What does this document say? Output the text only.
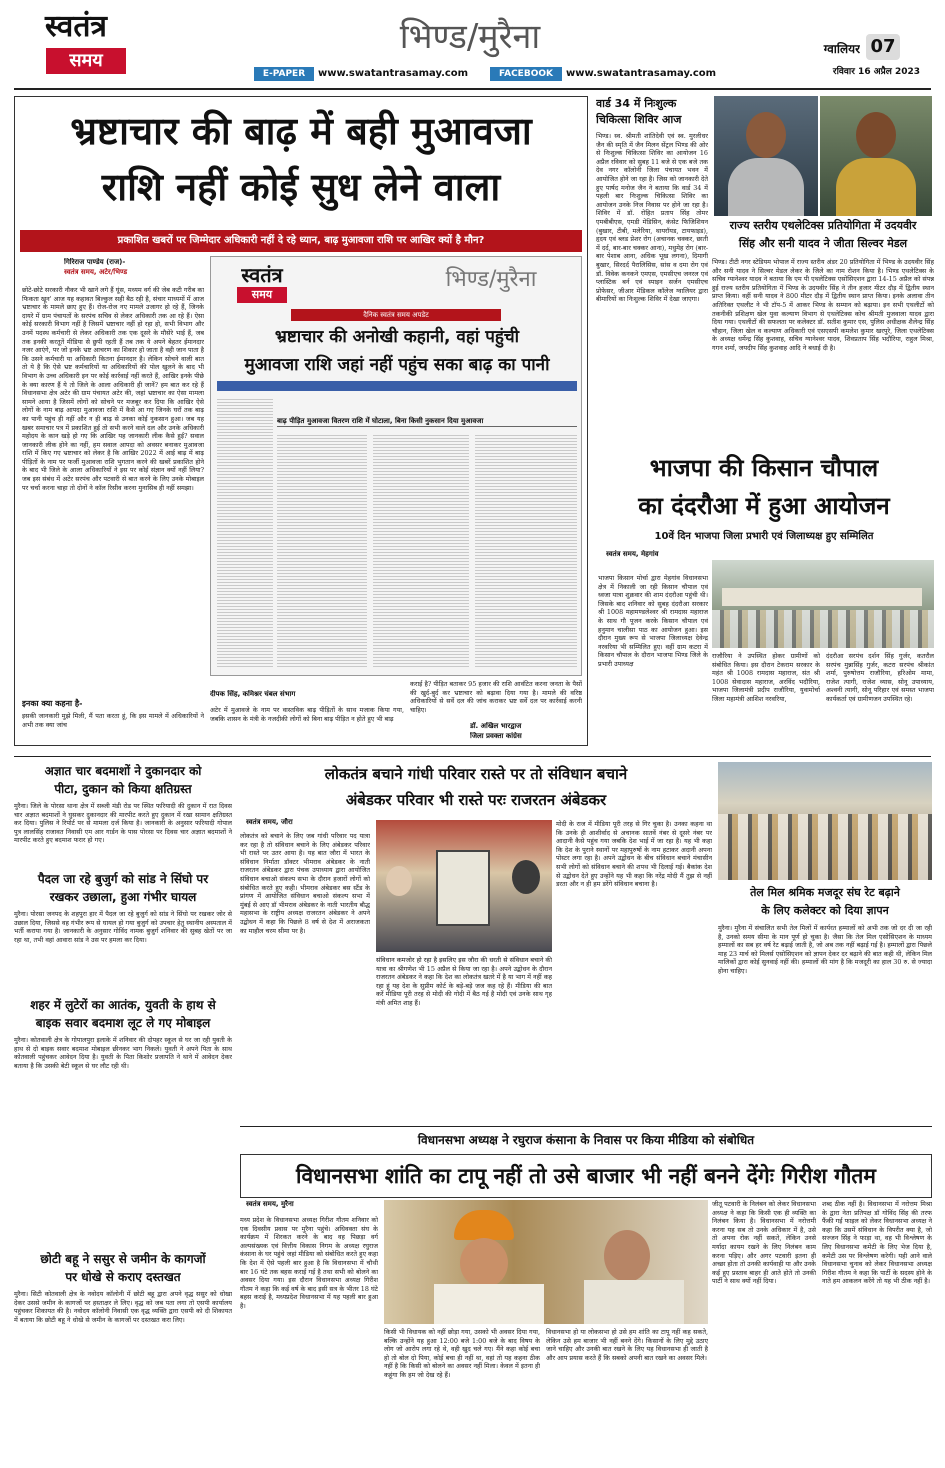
स्वतंत्र
समय
भिण्ड/मुरैना	ग्वालियर 07
रविवार 16 अप्रैल 2023
E-PAPER	www.swatantrasamay.com	FACEBOOK	www.swatantrasamay.com
भ्रष्टाचार की बाढ़ में बही मुआवजा
राशि नहीं कोई सुध लेने वाला
प्रकाशित खबरों पर जिम्मेदार अधिकारी नहीं दे रहे ध्यान, बाढ़ मुआवजा राशि पर आखिर क्यों है मौन?
गिरिराज पाण्डेय (राज)-
स्वतंत्र समय, अटेर/भिण्ड
छोटे-छोटे सरकारी नौकर भी खाने लगे हैं घूंस, मध्यम वर्ग की जेब कटी गरीब का फिकता खून' आज यह कहावत बिल्कुल सही बैठ रही है, संचार माध्यमों में आज भ्रष्टाचार के मामले छाए हुए हैं। रोज-रोज नए मामले उजागर हो रहे हैं, जिनके दायरे में ग्राम पंचायतों के सरपंच सचिव से लेकर अधिकारी तक आ रहे हैं। ऐसा कोई सरकारी विभाग नहीं है जिसमें भ्रष्टाचार नहीं हो रहा हो, सभी विभाग और उनमें पदस्थ कर्मचारी से लेकर अधिकारी तक एक दूसरे के मौसेरे भाई हैं, जब तक इनकी करतूतें मीडिया से छुपी रहती हैं तब तक ये अपने बेहतर ईमानदार नजर आएंगे, पर जो इनके भ्रष्ट आचरण का शिकार हो जाता है वही जान पाता है कि उसने कर्मचारी या अधिकारी कितना ईमानदार है। लेकिन सोचने वाली बात तो ये है कि ऐसे भ्रष्ट कर्मचारियों या अधिकारियों की पोल खुलने के बाद भी विभाग के उच्च अधिकारी इन पर कोई कार्रवाई नहीं करते हैं, आखिर इनके पीछे के क्या कारण हैं ये तो जिले के आला अधिकारी ही जानें? हम बात कर रहे हैं विधानसभा क्षेत्र अटेर की ग्राम पंचायत अटेर की, जहां भ्रष्टाचार का ऐसा मामला सामने आया है जिसमें लोगों को सोचने पर मजबूर कर दिया कि आखिर ऐसे लोगों के नाम बाढ़ आपदा मुआवजा राशि में कैसे आ गए जिनके घरों तक बाढ़ का पानी पहुंच ही नहीं और न ही बाढ़ से उनका कोई नुकसान हुआ। जब यह खबर समाचार पत्र में प्रकाशित हुई तो सभी करने वाले दल और उनके अधिकारी महोदय के कान खड़े हो गए कि आखिर यह जानकारी लीक कैसे हुई? सवाल जानकारी लीक होने का नहीं, हम सवाल आपदा को अवसर बनाकर मुआवजा राशि में किए गए भ्रष्टाचार को लेकर है कि आखिर 2022 में आई बाढ़ में बाढ़ पीड़ितों के नाम पर फर्जी मुआवजा राशि भुगतान करने की खबरें प्रकाशित होने के बाद भी जिले के आला अधिकारियों ने इस पर कोई संज्ञान क्यों नहीं लिया? जब इस संबंध में अटेर सरपंच और पटवारी से बात करने के लिए उनके मोबाइल पर चर्चा करना चाहा तो दोनों ने कॉल रिसीव करना मुनासिब ही नहीं समझा।
इनका क्या कहना है-
इसकी जानकारी मुझे मिली, मैं पता करता हूं, कि इस मामले में अधिकारियों ने अभी तक क्या जांच
स्वतंत्र
समय
भिण्ड/मुरैना
दैनिक स्वतंत्र समय अपडेट
भ्रष्टाचार की अनोखी कहानी, वहां पहुंची
मुआवजा राशि जहां नहीं पहुंच सका बाढ़ का पानी
बाढ़ पीड़ित मुआवजा वितरण राशि में घोटाला, बिना किसी नुकसान दिया मुआवजा
कराई है? पीड़ित बताकर 95 हजार की राशि आवंटित करना जनता के पैसों की खुर्द-बुर्द कर भ्रष्टाचार को बढ़ावा दिया गया है। मामले की वरिष्ठ अधिकारियों से सर्वे दल की जांच कराकर भ्रष्ट सर्वे दल पर कार्रवाई करनी चाहिए।
दीपक सिंह, कमिश्नर चंबल संभाग
अटेर में मुआवजे के नाम पर वास्तविक बाढ़ पीड़ितों के साथ मजाक किया गया, जबकि शासन के मंत्री के नजदीकी लोगों को बिना बाढ़ पीड़ित न होते हुए भी बाढ़
डॉ. अखिल भारद्वाज
जिला प्रवक्ता कांग्रेस
वार्ड 34 में निःशुल्क
चिकित्सा शिविर आज
भिण्ड। स्व. श्रीमती शांतिदेवी एवं स्व. मुरलीधर जैन की स्मृति में जैन मिलन सेंट्रल भिण्ड की ओर से निःशुल्क चिकित्सा शिविर का आयोजन 16 अप्रैल रविवार को सुबह 11 बजे से एक बजे तक देव नगर कॉलोनी जिला पंचायत भवन में आयोजित होने जा रहा है। जिस को जानकारी देते हुए पार्षद मनोज जैन ने बताया कि वार्ड 34 में पहली बार निःशुल्क चिकित्सा शिविर का आयोजन उनके निज निवास पर होने जा रहा है। शिविर में डॉ. रोहित प्रताप सिंह तोमर एमबीबीएस, एमडी मेडिसिन, कंसेट फिजिशियन (बुखार, टीबी, मलेरिया, थायरॉयड, टायफाइड), हृदय एवं ब्लड प्रेशर रोग (अचानक चक्कर, छाती में दर्द, बार-बार चक्कर आना), मधुमेह रोग (बार-बार पेशाब आना, अधिक भूख लगना), दिमागी बुखार, सिरदर्द पैरालिसिस, सांस व दमा रोग एवं डॉ. विवेक कनकने एमएस, एमसीएच जनरल एवं प्लास्टिक बर्न एवं स्पाइन सर्जन एमसीएच प्रोफेसर, जीआर मेडिकल कॉलेज ग्वालियर द्वारा बीमारियों का निःशुल्क शिविर में देखा जाएगा।
राज्य स्तरीय एथलेटिक्स प्रतियोगिता में उदयवीर
सिंह और सनी यादव ने जीता सिल्वर मेडल
भिण्ड। टीटी नगर स्टेडियम भोपाल में राज्य स्तरीय अंडर 20 प्रतियोगिता में भिण्ड के उदयवीर सिंह और सनी यादव ने सिल्वर मेडल लेकर के जिले का नाम रोशन किया है। भिण्ड एथलेटिक्स के सचिव ग्यानेश्वर यादव ने बताया कि एम पी एथलेटिक्स एसोसिएशन द्वारा 14-15 अप्रैल को संपन्न हुई राज्य स्तरीय प्रतियोगिता में भिण्ड के उदयवीर सिंह ने तीन हजार मीटर दौड़ में द्वितीय स्थान प्राप्त किया। वहीं सनी यादव ने 800 मीटर दौड़ में द्वितीय स्थान प्राप्त किया। इनके अलावा तीन अतिरिक्त एथलीट ने भी टॉप-5 में आकर भिण्ड के सम्मान को बढ़ाया। इन सभी एथलीटों को तकनीकी प्रशिक्षण खेल युवा कल्याण विभाग से एथलेटिक्स कोच श्रीमती मुजवाला यादव द्वारा दिया गया। एथलीटों की सफलता पर कलेक्टर डॉ. सतीश कुमार एस, पुलिस अधीक्षक शैलेन्द्र सिंह चौहान, जिला खेल व कल्याण अधिकारी एवं एसएसपी कमलेश कुमार खरपुरे, जिला एथलेटिक्स के अध्यक्ष धर्मेन्द्र सिंह कुशवाह, सचिव ग्यानेश्वर यादव, शिवप्रताप सिंह भदौरिया, राहुल मिश्रा, गगन शर्मा, जयदीप सिंह कुशवाह आदि ने बधाई दी है।
भाजपा की किसान चौपाल
का दंदरौआ में हुआ आयोजन
10वें दिन भाजपा जिला प्रभारी एवं जिलाध्यक्ष हुए सम्मिलित
स्वतंत्र समय, मेहगांव
भाजपा किसान मोर्चा द्वारा मेहगांव विधानसभा क्षेत्र में निकाली जा रही किसान चौपाल एवं ध्वजा यात्रा शुक्रवार की शाम दंदरौआ पहुंची थी। जिसके बाद शनिवार को सुबह दंदरौआ सरकार श्री 1008 महामण्डलेश्वर श्री रामदास महाराज के साथ गौ पूजन करके किसान चौपाल एवं हनुमान चालीसा पाठ का आयोजन हुआ। इस दौरान मुख्य रूप से भाजपा जिलाध्यक्ष देवेन्द्र नरवरिया भी सम्मिलित हुए। वहीं ग्राम कटरा में किसान चौपाल के दौरान भाजपा भिण्ड जिले के प्रभारी उपाध्यक्ष
राजौरिया ने उपस्थित होकर ग्रामीणों को संबोधित किया। इस दौरान टेकराम सरकार के महंत श्री 1008 रामदास महाराज, संत श्री 1008 सेवादास महाराज, अरविंद भदौरिया, भाजपा जिलामंत्री प्रदीप राजौरिया, युवामोर्चा जिला महामंत्री आशिश नरवरिया,
दंदरौआ सरपंच दर्शन सिंह गुर्जर, कतरौल सरपंच मुन्नासिंह गुर्जर, कटरा सरपंच श्रीकांत शर्मा, पुरुषोत्तम राजौरिया, हरिओम मामा, राजेश त्यागी, राजेश व्यास, सोनू उपाध्याय, अश्वनी त्यागी, सोनू परिहार एवं समस्त भाजपा कार्यकर्ता एवं ग्रामीणजन उपस्थित रहे।
अज्ञात चार बदमाशों ने दुकानदार को
पीटा, दुकान को किया क्षतिग्रस्त
मुरैना। जिले के पोरसा थाना क्षेत्र में सब्जी मंडी रोड पर स्थित फरियादी की दुकान में रात दिवस चार अज्ञात बदमाशों ने घुसकर दुकानदार की मारपीट करते हुए दुकान में रखा सामान क्षतिग्रस्त कर दिया। पुलिस ने रिपोर्ट पर से मामला दर्ज किया है। जानकारी के अनुसार फरियादी गोपाल पुत्र लालसिंह राजावत निवासी एम आर गार्डन के पास पोरसा पर दिवस चार अज्ञात बदमाशों ने मारपीट करते हुए बदमाश फरार हो गए।
पैदल जा रहे बुजुर्ग को सांड ने सिंघो पर
रखकर उछाला, हुआ गंभीर घायल
मुरैना। पोरसा जनपद के शहपुरा हार में पैदल जा रहे बुजुर्ग को सांड ने सिंघो पर रखकर जोर से उछाल दिया, जिससे वह गंभीर रूप से घायल हो गया बुजुर्ग को उपचार हेतु स्थानीय अस्पताल में भर्ती कराया गया है। जानकारी के अनुसार गोविंद नामक बुजुर्ग शनिवार की सुबह खेतों पर जा रहा था, तभी वहां आवारा सांड ने उस पर हमला कर दिया।
शहर में लुटेरों का आतंक, युवती के हाथ से
बाइक सवार बदमाश लूट ले गए मोबाइल
मुरैना। कोतवाली क्षेत्र के गोपालपुरा इलाके में शनिवार की दोपहर स्कूल से घर जा रही युवती के हाथ से दो बाइक सवार बदमाश मोबाइल छीनकर भाग निकले। युवती ने अपने पिता के साथ कोतवाली पहुंचकर आवेदन दिया है। युवती के पिता किशोर प्रजापति ने थाने में आवेदन देकर बताया है कि उसकी बेटी स्कूल से घर लौट रही थी।
छोटी बहू ने ससुर से जमीन के कागजों
पर धोखे से कराए दस्तखत
मुरैना। सिटी कोतवाली क्षेत्र के नवोदय कॉलोनी में छोटी बहू द्वारा अपने वृद्ध ससुर को धोखा देकर उससे जमीन के कागजों पर हस्ताक्षर ले लिए। वृद्ध को जब पता लगा तो एसपी कार्यालय पहुंचकर शिकायत की है। नवोदय कॉलोनी निवासी एक वृद्ध व्यक्ति द्वारा एसपी को दी शिकायत में बताया कि छोटी बहू ने धोखे से जमीन के कागजों पर दस्तखत करा लिए।
लोकतंत्र बचाने गांधी परिवार रास्ते पर तो संविधान बचाने
अंबेडकर परिवार भी रास्ते परः राजरतन अंबेडकर
स्वतंत्र समय, जौरा
लोकतंत्र को बचाने के लिए जब गांधी परिवार पद यात्रा कर रहा है तो संविधान बचाने के लिए अंबेडकर परिवार भी रास्ते पर उतर आया है। यह बात जौरा में भारत के संविधान निर्माता डॉक्टर भीमराव अंबेडकर के नाती राजरतन अंबेडकर द्वारा पंचक उपाध्याय द्वारा आयोजित संविधान बचाओ संकल्प सभा के दौरान हजारों लोगों को संबोधित करते हुए कही। भीमराव अंबेडकर बस स्टैंड के प्रांगण में आयोजित संविधान बचाओ संकल्प सभा में मुंबई से आए डॉ भीमराव अंबेडकर के नाती भारतीय बौद्ध महासभा के राष्ट्रीय अध्यक्ष राजरतन अंबेडकर ने अपने उद्बोधन में कहा कि पिछले 8 वर्ष से देश में अराजकता का माहौल चरम सीमा पर है।
संविधान कमजोर हो रहा है इसलिए इस जौरा की धरती से संविधान बचाने की यात्रा का श्रीगणेश भी 15 अप्रैल से किया जा रहा है। अपने उद्बोधन के दौरान राजरतन अंबेडकर ने कहा कि देश का लोकतंत्र खतरे में है या भाग में नहीं कह रहा हूं यह देश के सुप्रीम कोर्ट के बड़े-बड़े जज कह रहे हैं। मीडिया की बात करें मीडिया पूरी तरह से मोदी की गोदी में बैठ गई है मोदी एवं उनके साथ गृह मंत्री अमित शाह हैं।
मोदी के राज में मीडिया पूरी तरह से गिर चुका है। उनका कहना था कि उनके ही आशीर्वाद से अचानक सातवें नंबर से दूसरे नंबर पर आदानी कैसे पहुंच गया जबकि देश भाई में जा रहा है। यह भी कहा कि देश के पुराने स्थानों पर महापुरुषों के नाम हटाकर अदानी अपना पोस्टर लगा रहा है। अपने उद्बोधन के बीच संविधान बचाने मंचासीन सभी लोगों को संविधान बचाने की शपथ भी दिलाई गई। बैकांक देश से उद्बोधन देते हुए उन्होंने यह भी कहा कि नरेंद्र मोदी मैं तुझ से नहीं डरता और न ही हम डरेंगे संविधान बचाना है।
तेल मिल श्रमिक मजदूर संघ रेट बढ़ाने
के लिए कलेक्टर को दिया ज्ञापन
मुरैना। मुरैना में संचालित सभी तेल मिलों में कार्यरत हम्मालों को अभी तक जो दर दी जा रही है, उनको समय सीमा के मान पूर्ण हो चुका है। जैसा कि तेल मिल एसोसिएशन के माध्यम हम्मालों का सब हर वर्ष रेट बढ़ाई जाती है, जो अब तक नहीं बढ़ाई गई है। हम्मालों द्वारा पिछले माह 23 मार्च को मिलर्स एसोसिएशन को ज्ञापन देकर दर बढ़ाने की बात कही थी, लेकिन मिल मालिकों द्वारा कोई सुनवाई नहीं की। हम्मालों की मांग है कि मजदूरी का हाल 30 रु. से ज्यादा होना चाहिए।
विधानसभा अध्यक्ष ने रघुराज कंसाना के निवास पर किया मीडिया को संबोधित
विधानसभा शांति का टापू नहीं तो उसे बाजार भी नहीं बनने देंगेः गिरीश गौतम
स्वतंत्र समय, मुरैना
मध्य प्रदेश के विधानसभा अध्यक्ष गिरीश गौतम शनिवार को एक दिवसीय प्रवास पर मुरैना पहुंचे। अधिवक्ता संघ के कार्यक्रम में शिरकत करने के बाद वह पिछड़ा वर्ग अल्पसंख्यक एवं वित्तीय विकास निगम के अध्यक्ष रघुराज कंसाना के घर पहुंचे जहां मीडिया को संबोधित करते हुए कहा कि देश में ऐसे पहली बार हुआ है कि विधानसभा में चौथी बार 16 घंटे तक बहस कराई गई है तथा सभी को बोलने का अवसर दिया गया। इस दौरान विधानसभा अध्यक्ष गिरीश गौतम ने कहा कि कई वर्ष के बाद इसी सत्र के भीतर 18 घंटे बहस कराई है, मध्यप्रदेश विधानसभा में यह पहली बार हुआ है।
किसी भी विधायक को नहीं छोड़ा गया, उसको भी अवसर दिया गया, बल्कि उन्होंने यह हुआ 12:00 बजे 1:00 बजे के बाद विषय के लोग जो आरोप लगा रहे थे, वही खुद चले गए। मैंने कहा कोई बचा हो तो बोल दो पिया, कोई बचा ही नहीं था, वहां तो यह कहना ठीक नहीं है कि किसी को बोलने का अवसर नहीं मिला। केवल में इतना ही कहूंगा कि हम जो देख रहे हैं।
विधानसभा हो या लोकसभा हो उसे हम शांति का टापू नहीं कह सकते, लेकिन उसे हम बाजार भी नहीं बनने देंगे। किसानों के लिए मुद्दे उठाए जाने चाहिए और उनकी बात रखने के लिए यह विधानसभा ही जाती है और आप प्रयास करते हैं कि सबको अपनी बात रखने का अवसर मिले।
जीतू पटवारी के निलंबन को लेकर विधानसभा अध्यक्ष ने कहा कि किसी एक ही व्यक्ति का निलंबन किया है। विधानसभा में नरोत्तमी करना यह सब तो उनके अधिकार में है, उसे तो अपना रोक नहीं सकते, लेकिन उनसे मर्यादा कायम रखने के लिए निलंबन काम करना पड़िए। और अगर पटवारी इतना ही अच्छा होता तो उनकी कार्यवाही या और उनके कई हुए प्रस्ताव बाहर ही आते होते तो उनकी पार्टी ने साथ क्यों नहीं दिया।
शब्द ठीक नहीं है। विधानसभा में नरोत्तम मिश्रा के द्वारा नेता प्रतिपक्ष डॉ गोविंद सिंह की तरफ फैंकी गई फाइल को लेकर विधानसभा अध्यक्ष ने कहा कि उसमें संविधान के विपरीत क्या है, जो सज्जन सिंह ने फाड़ा था, वह भी विश्लेषण के लिए विधानसभा कमेटी के लिए भेज दिया है, कमेटी उस पर विश्लेषण करेगी। यही आने वाले विधानसभा चुनाव को लेकर विधानसभा अध्यक्ष गिरीश गौतम ने कहा कि पार्टी के सदस्य होने के नाते हम आकलन करेंगे तो यह भी ठीक नहीं है।
